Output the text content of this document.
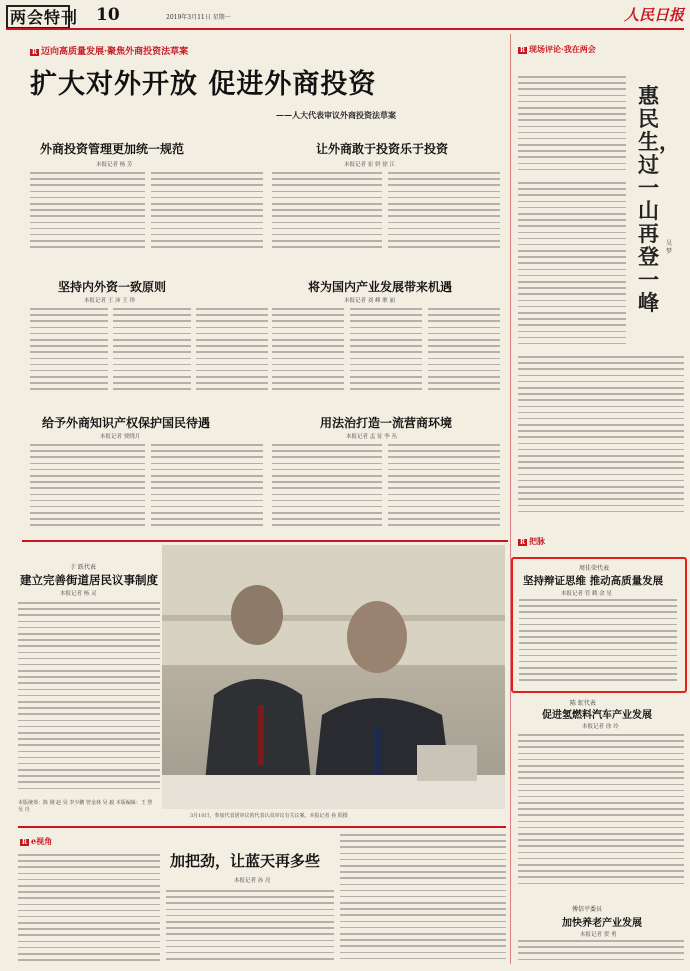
两会特刊 10	2019年3月11日 星期一	人民日报
R 迈向高质量发展·聚焦外商投资法草案
扩大对外开放 促进外商投资
——人大代表审议外商投资法草案
外商投资管理更加统一规范
本报记者 杨 芳
让外商敢于投资乐于投资
本报记者 崔 妍 徐 江
坚持内外资一致原则
本报记者 王 沛 王 珍
将为国内产业发展带来机遇
本报记者 刘 峰 耿 丽
给予外商知识产权保护国民待遇
本报记者 贾晓月
用法治打造一流营商环境
本报记者 孟 征 李 丛
R 现场评论·我在两会
惠民生，过一山再登一峰
吴 梦
R 把脉
周佳荣代表
坚持辩证思维 推动高质量发展
本报记者 管 鹤 余 星
陈 虹代表
促进氢燃料汽车产业发展
本报记者 徐 玲
傅信平委员
加快养老产业发展
本报记者 贺 勇
于 跃代表
建立完善街道居民议事制度
本报记者 杨 灵
本版统筹：陈 刚 赵 昊 李少鹏 曾金林 吴 毅 本版编辑：王 慧 吴 丹
3月10日，参加代表团审议的代表认真审议有关议案。本报记者 孙 阳摄
R e视角
加把劲，让蓝天再多些
本报记者 孙 亮
